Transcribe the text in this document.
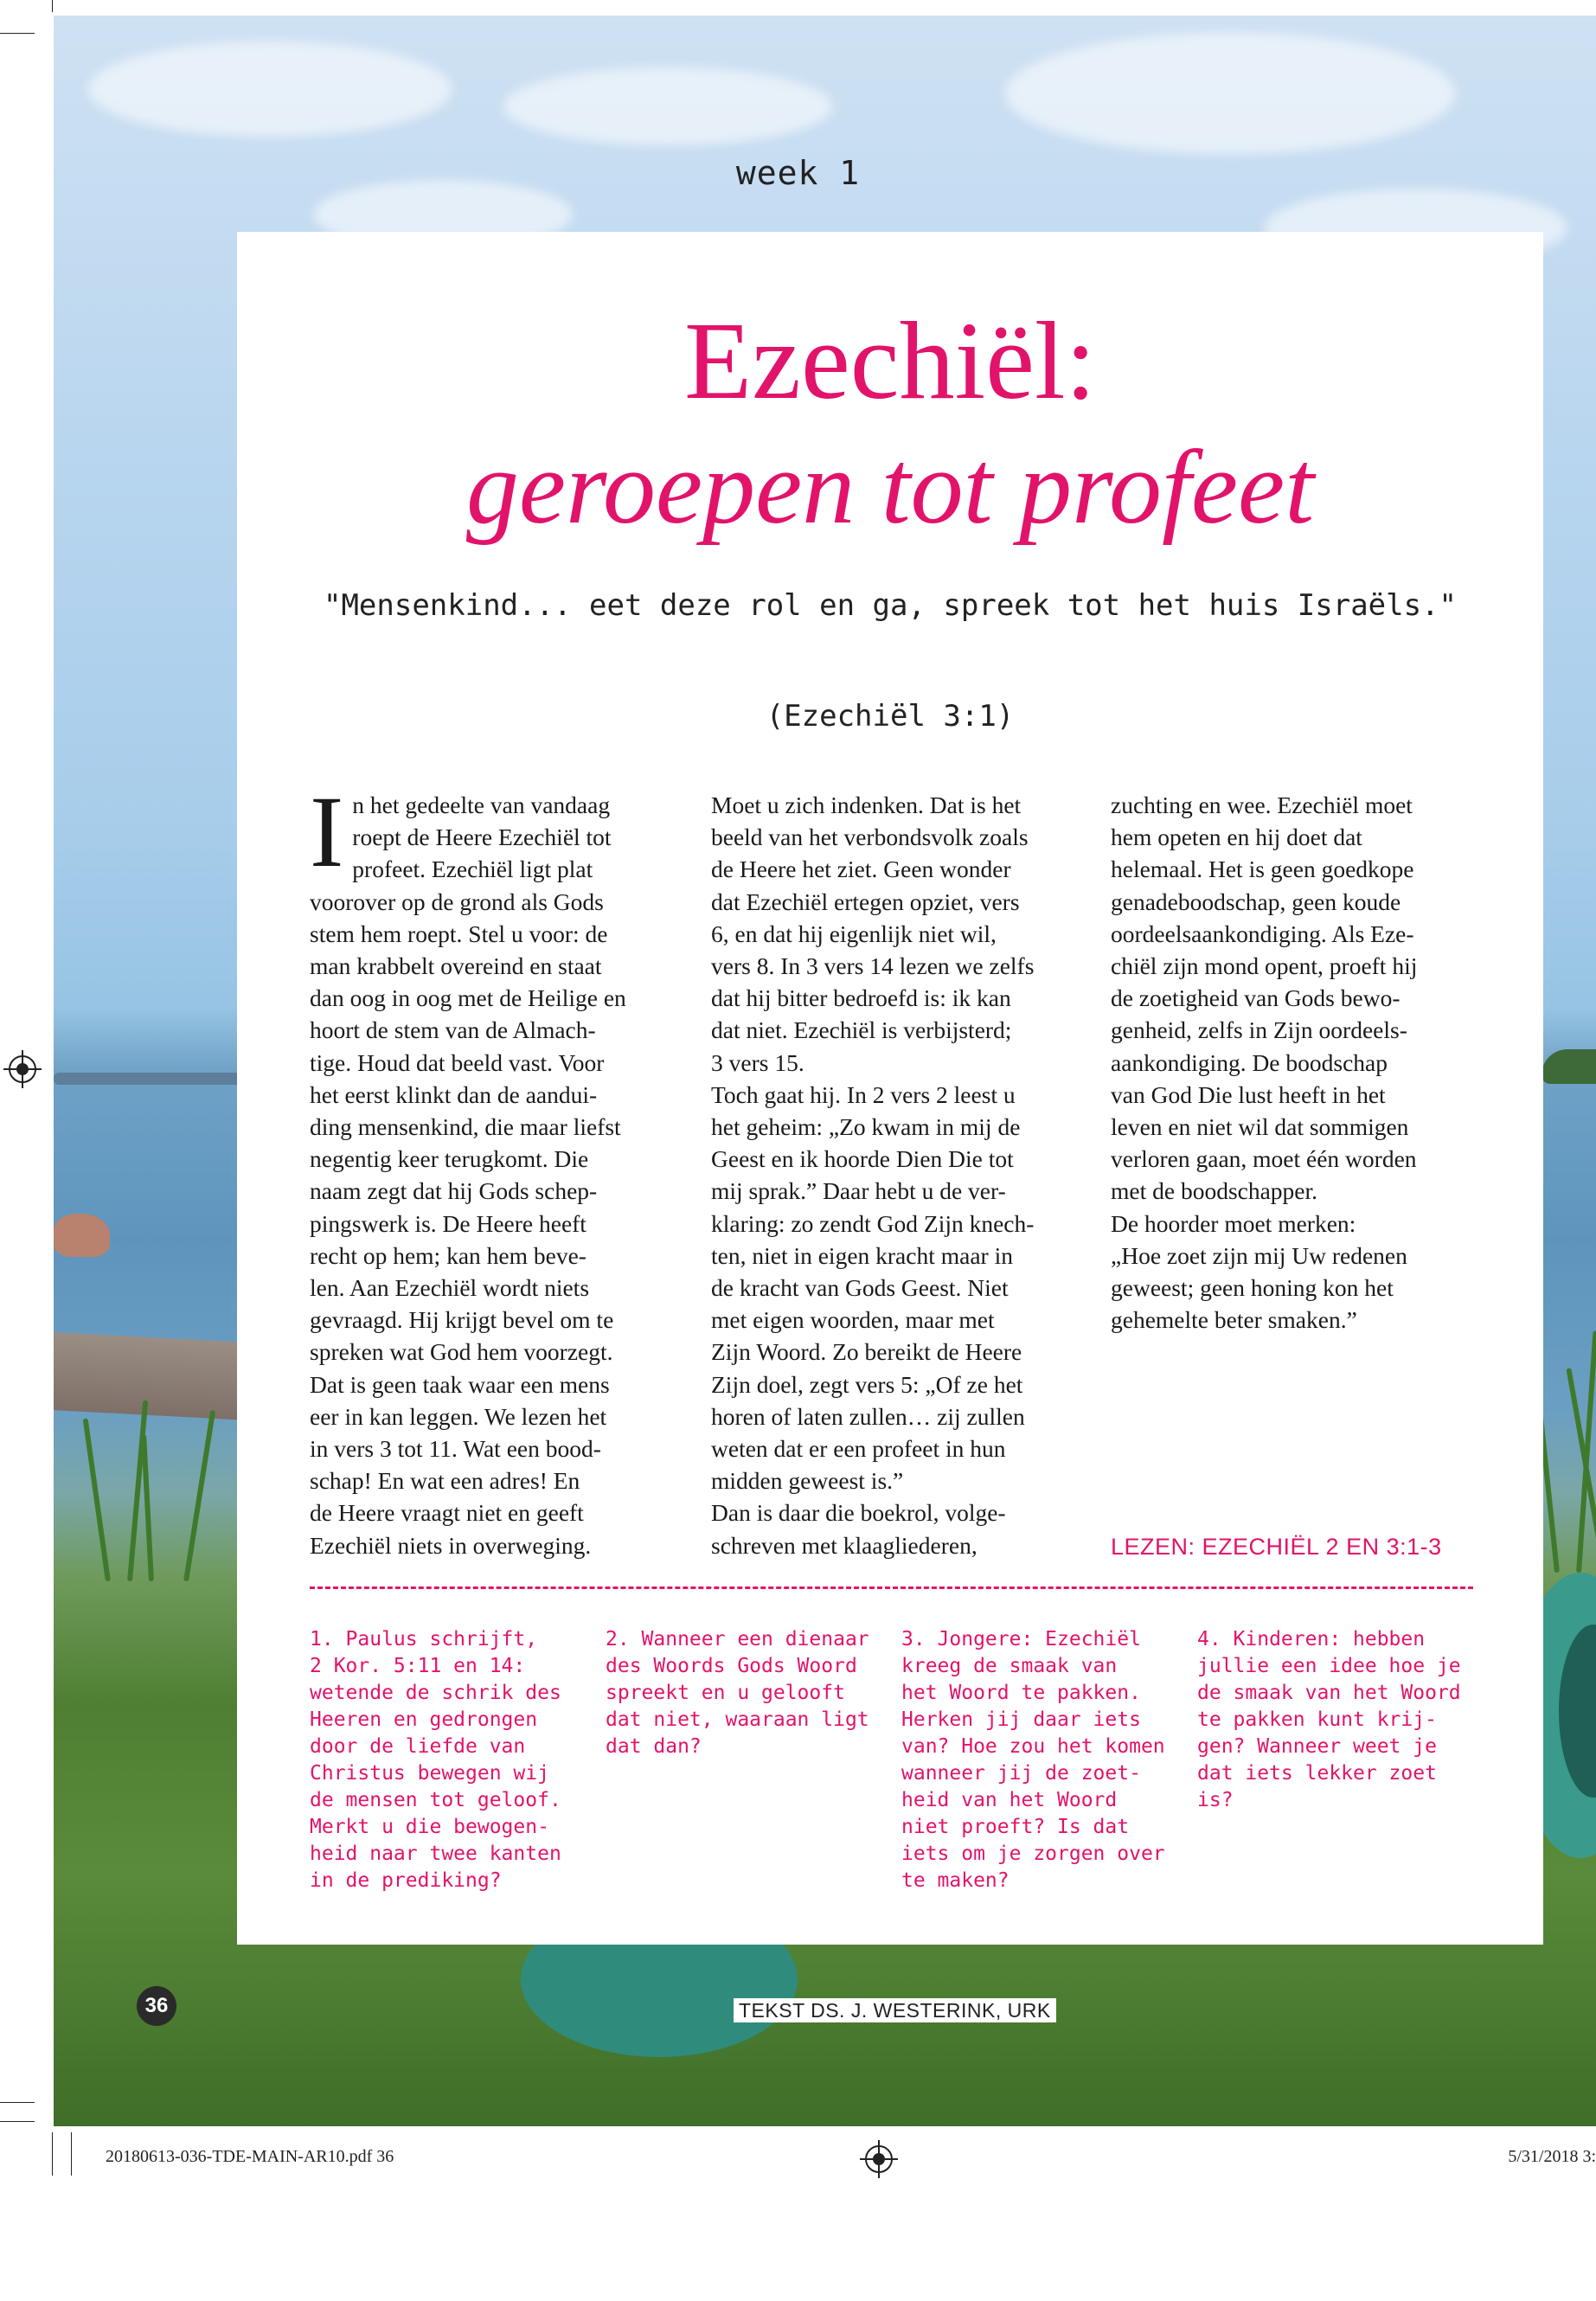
week 1
Ezechiël:
geroepen tot profeet
"Mensenkind... eet deze rol en ga, spreek tot het huis Israëls."
(Ezechiël 3:1)
I n het gedeelte van vandaag
roept de Heere Ezechiël tot
profeet. Ezechiël ligt plat
voorover op de grond als Gods
stem hem roept. Stel u voor: de
man krabbelt overeind en staat
dan oog in oog met de Heilige en
hoort de stem van de Almach-
tige. Houd dat beeld vast. Voor
het eerst klinkt dan de aandui-
ding mensenkind, die maar liefst
negentig keer terugkomt. Die
naam zegt dat hij Gods schep-
pingswerk is. De Heere heeft
recht op hem; kan hem beve-
len. Aan Ezechiël wordt niets
gevraagd. Hij krijgt bevel om te
spreken wat God hem voorzegt.
Dat is geen taak waar een mens
eer in kan leggen. We lezen het
in vers 3 tot 11. Wat een bood-
schap! En wat een adres! En
de Heere vraagt niet en geeft
Ezechiël niets in overweging.
Moet u zich indenken. Dat is het
beeld van het verbondsvolk zoals
de Heere het ziet. Geen wonder
dat Ezechiël ertegen opziet, vers
6, en dat hij eigenlijk niet wil,
vers 8. In 3 vers 14 lezen we zelfs
dat hij bitter bedroefd is: ik kan
dat niet. Ezechiël is verbijsterd;
3 vers 15.
Toch gaat hij. In 2 vers 2 leest u
het geheim: „Zo kwam in mij de
Geest en ik hoorde Dien Die tot
mij sprak.” Daar hebt u de ver-
klaring: zo zendt God Zijn knech-
ten, niet in eigen kracht maar in
de kracht van Gods Geest. Niet
met eigen woorden, maar met
Zijn Woord. Zo bereikt de Heere
Zijn doel, zegt vers 5: „Of ze het
horen of laten zullen… zij zullen
weten dat er een profeet in hun
midden geweest is.”
Dan is daar die boekrol, volge-
schreven met klaagliederen,
zuchting en wee. Ezechiël moet
hem opeten en hij doet dat
helemaal. Het is geen goedkope
genadeboodschap, geen koude
oordeelsaankondiging. Als Eze-
chiël zijn mond opent, proeft hij
de zoetigheid van Gods bewo-
genheid, zelfs in Zijn oordeels-
aankondiging. De boodschap
van God Die lust heeft in het
leven en niet wil dat sommigen
verloren gaan, moet één worden
met de boodschapper.
De hoorder moet merken:
„Hoe zoet zijn mij Uw redenen
geweest; geen honing kon het
gehemelte beter smaken.”
LEZEN: EZECHIËL 2 EN 3:1-3
1. Paulus schrijft,
2 Kor. 5:11 en 14:
wetende de schrik des
Heeren en gedrongen
door de liefde van
Christus bewegen wij
de mensen tot geloof.
Merkt u die bewogen-
heid naar twee kanten
in de prediking?
2. Wanneer een dienaar
des Woords Gods Woord
spreekt en u gelooft
dat niet, waaraan ligt
dat dan?
3. Jongere: Ezechiël
kreeg de smaak van
het Woord te pakken.
Herken jij daar iets
van? Hoe zou het komen
wanneer jij de zoet-
heid van het Woord
niet proeft? Is dat
iets om je zorgen over
te maken?
4. Kinderen: hebben
jullie een idee hoe je
de smaak van het Woord
te pakken kunt krij-
gen? Wanneer weet je
dat iets lekker zoet
is?
36	TEKST DS. J. WESTERINK, URK
20180613-036-TDE-MAIN-AR10.pdf 36	5/31/2018 3:
